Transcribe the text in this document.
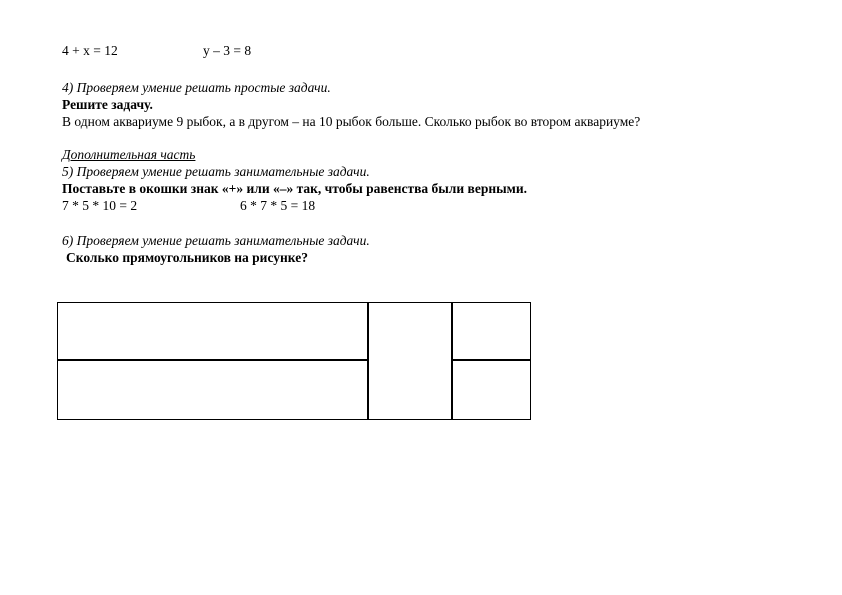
4 + x = 12	y – 3 = 8
4) Проверяем умение решать простые задачи.
Решите задачу.
В одном аквариуме 9 рыбок, а в другом – на 10 рыбок больше. Сколько рыбок во втором аквариуме?
Дополнительная часть
5) Проверяем умение решать занимательные задачи.
Поставьте в окошки знак «+» или «–» так, чтобы равенства были верными.
7 * 5 * 10 = 2	6 * 7 * 5 = 18
6) Проверяем умение решать занимательные задачи.
Сколько прямоугольников на рисунке?
